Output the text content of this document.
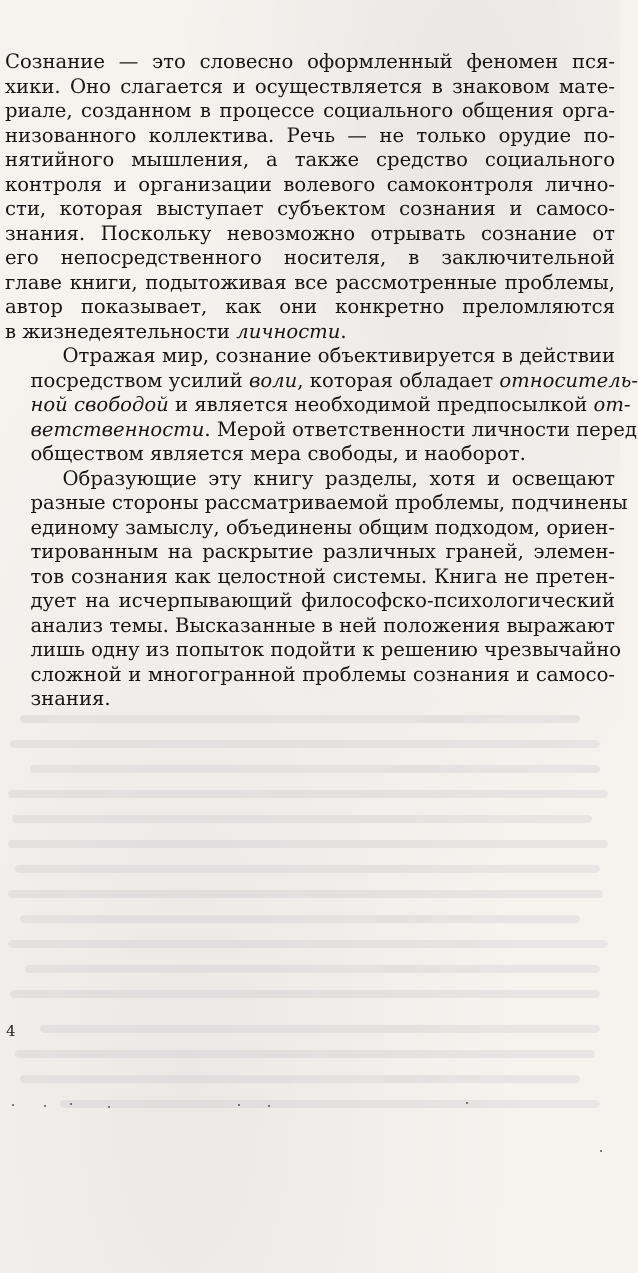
Сознание — это словесно оформленный феномен пся-
хики. Оно слагается и осуществляется в знаковом мате-
риале, созданном в процессе социального общения орга-
низованного коллектива. Речь — не только орудие по-
нятийного мышления, а также средство социального
контроля и организации волевого самоконтроля лично-
сти, которая выступает субъектом сознания и самосо-
знания. Поскольку невозможно отрывать сознание от
его непосредственного носителя, в заключительной
главе книги, подытоживая все рассмотренные проблемы,
автор показывает, как они конкретно преломляются
в жизнедеятельности личности.
Отражая мир, сознание объективируется в действии
посредством усилий воли, которая обладает относитель-
ной свободой и является необходимой предпосылкой от-
ветственности. Мерой ответственности личности перед
обществом является мера свободы, и наоборот.
Образующие эту книгу разделы, хотя и освещают
разные стороны рассматриваемой проблемы, подчинены
единому замыслу, объединены общим подходом, ориен-
тированным на раскрытие различных граней, элемен-
тов сознания как целостной системы. Книга не претен-
дует на исчерпывающий философско-психологический
анализ темы. Высказанные в ней положения выражают
лишь одну из попыток подойти к решению чрезвычайно
сложной и многогранной проблемы сознания и самосо-
знания.
4
